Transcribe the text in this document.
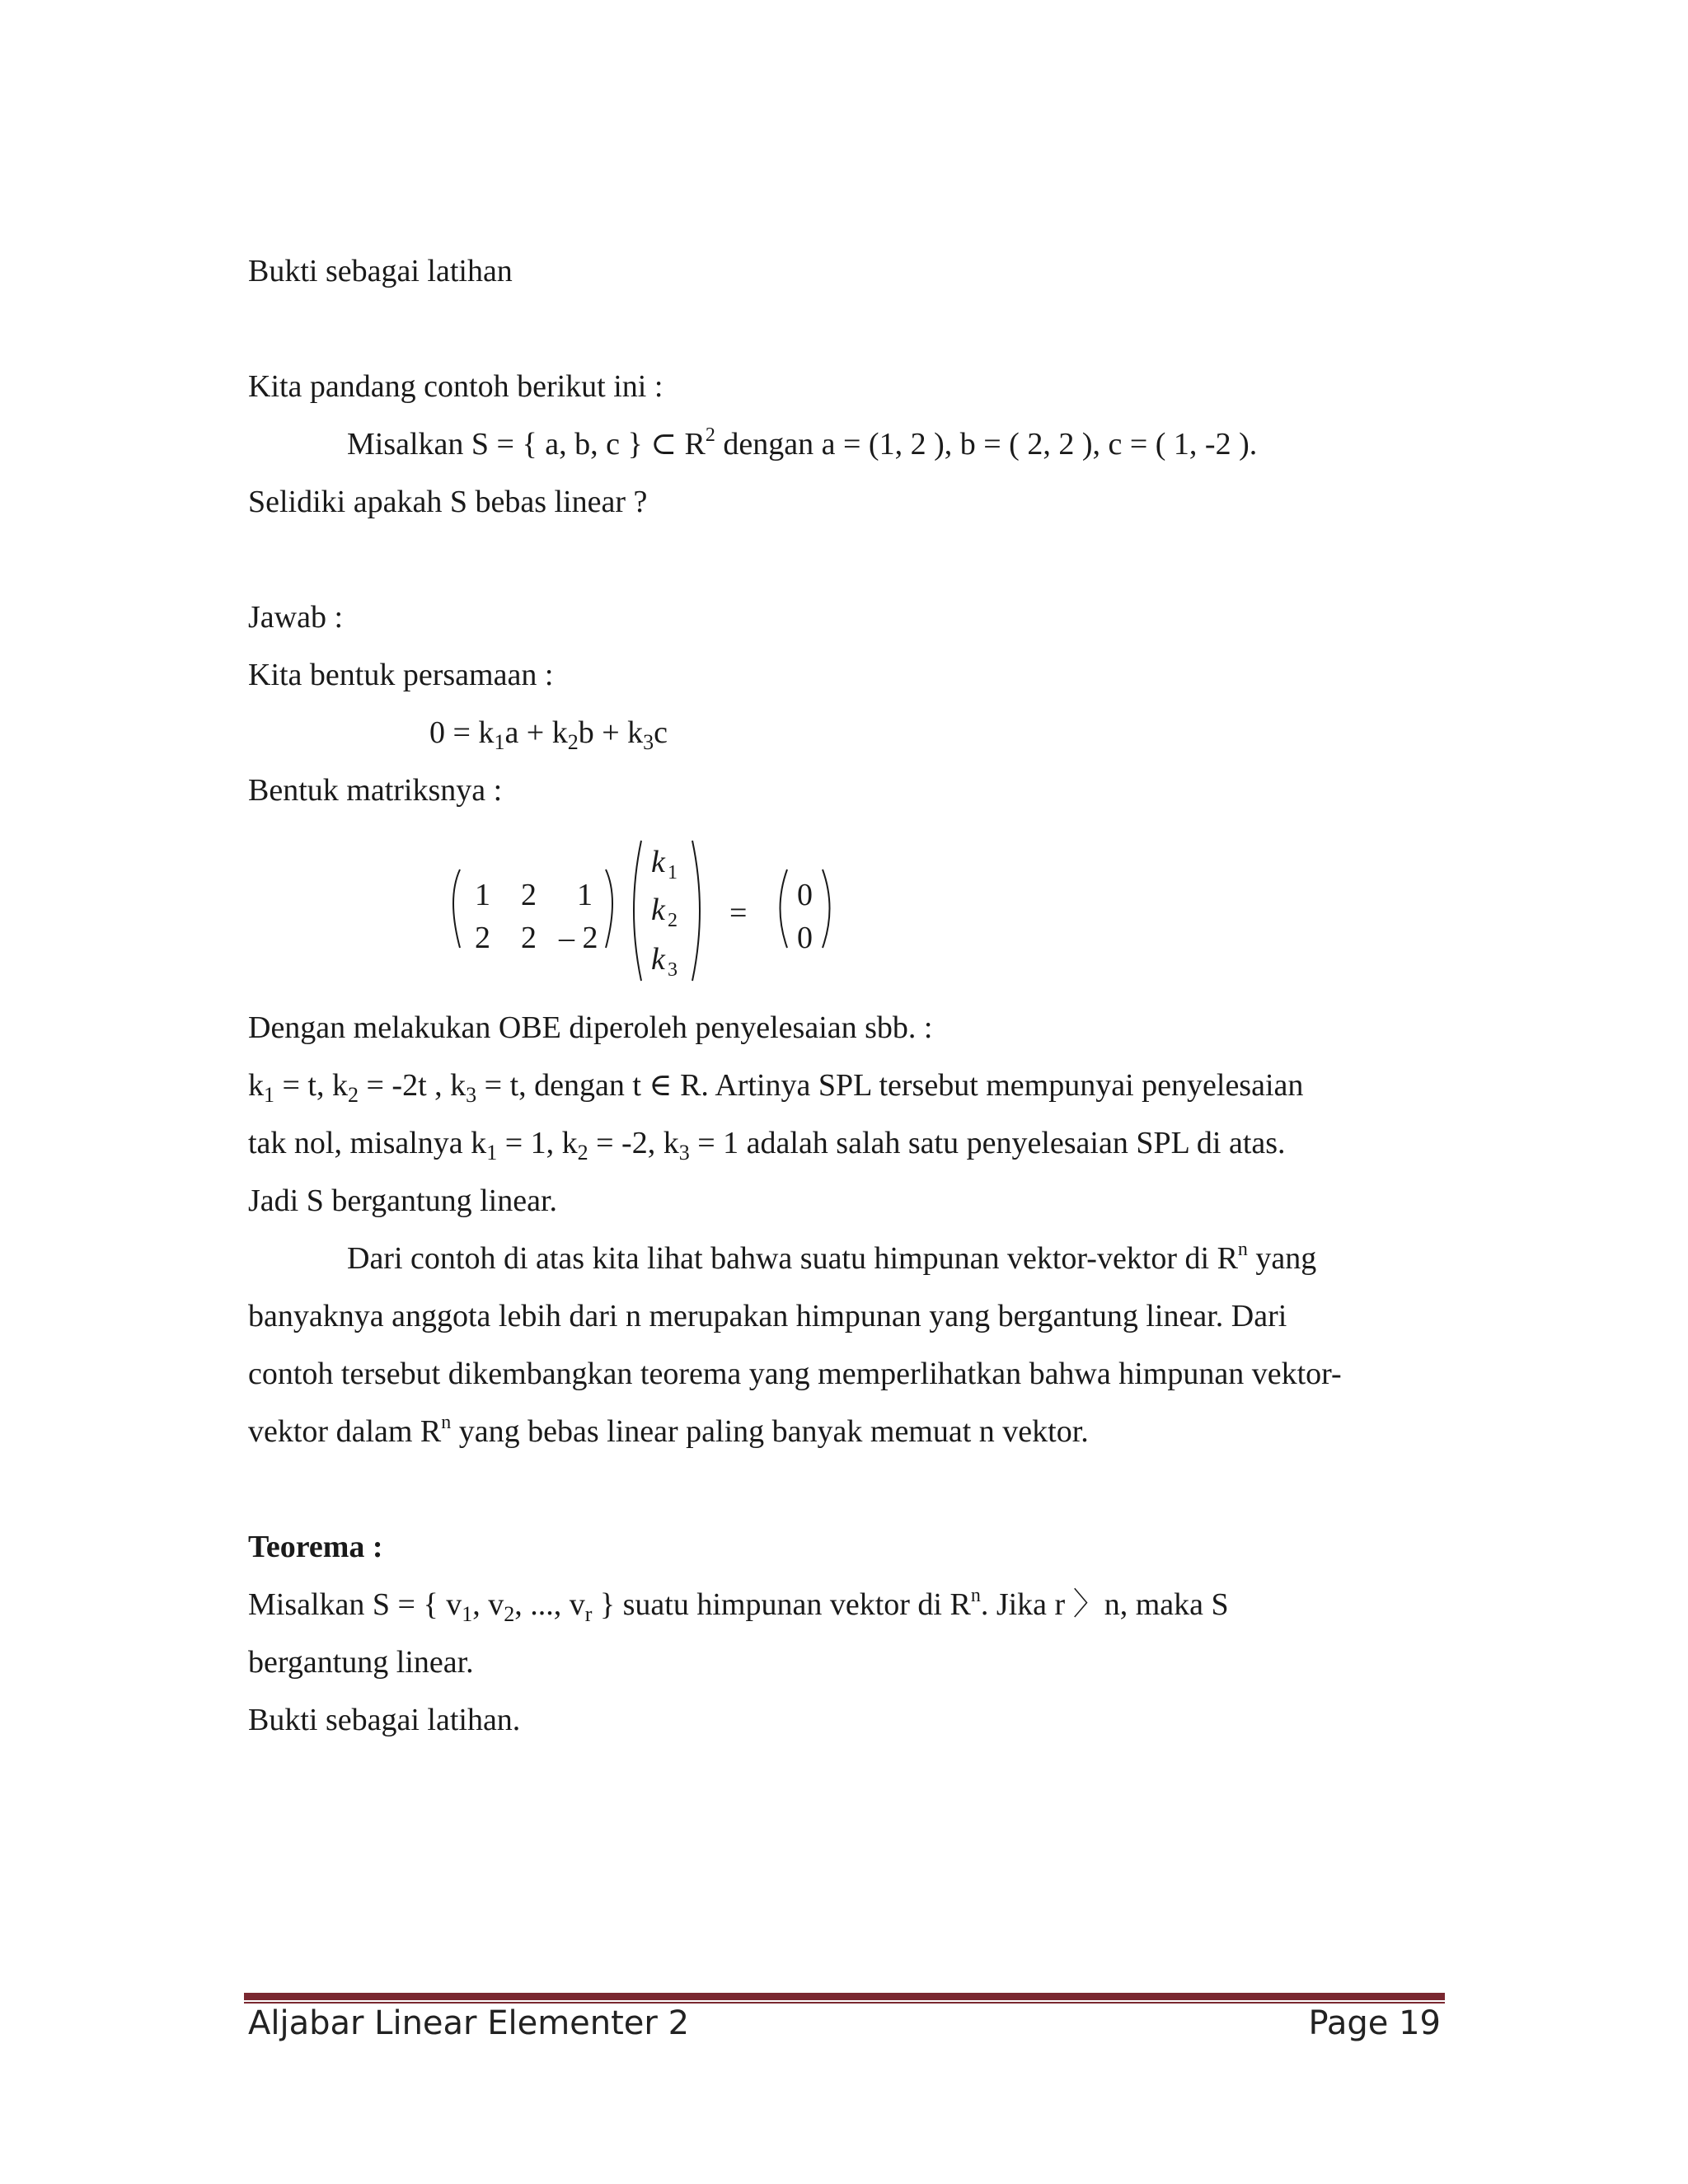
Bukti sebagai latihan
Kita pandang contoh berikut ini :
Misalkan S = { a, b, c } ⊂ $R^2$ dengan a = (1, 2 ), b = ( 2, 2 ), c = ( 1, -2 ).
Selidiki apakah S bebas linear ?
Jawab :
Kita bentuk persamaan :
$0 = k_1a + k_2b + k_3c$
Bentuk matriksnya :
1 2 1
2 2 – 2
k 1
k 2
k 3
=
0
0
Dengan melakukan OBE diperoleh penyelesaian sbb. :
$k_1 = t$, $k_2 = -2t$ , $k_3 = t$, dengan t ∈ R. Artinya SPL tersebut mempunyai penyelesaian
tak nol, misalnya $k_1 = 1$, $k_2 = -2$, $k_3 = 1$ adalah salah satu penyelesaian SPL di atas.
Jadi S bergantung linear.
Dari contoh di atas kita lihat bahwa suatu himpunan vektor-vektor di $R^n$ yang
banyaknya anggota lebih dari n merupakan himpunan yang bergantung linear. Dari
contoh tersebut dikembangkan teorema yang memperlihatkan bahwa himpunan vektor-
vektor dalam $R^n$ yang bebas linear paling banyak memuat n vektor.
Teorema :
Misalkan S = { $v_1$, $v_2$, ..., $v_r$ } suatu himpunan vektor di $R^n$. Jika r 〉n, maka S
bergantung linear.
Bukti sebagai latihan.
Aljabar Linear Elementer 2	Page 19
